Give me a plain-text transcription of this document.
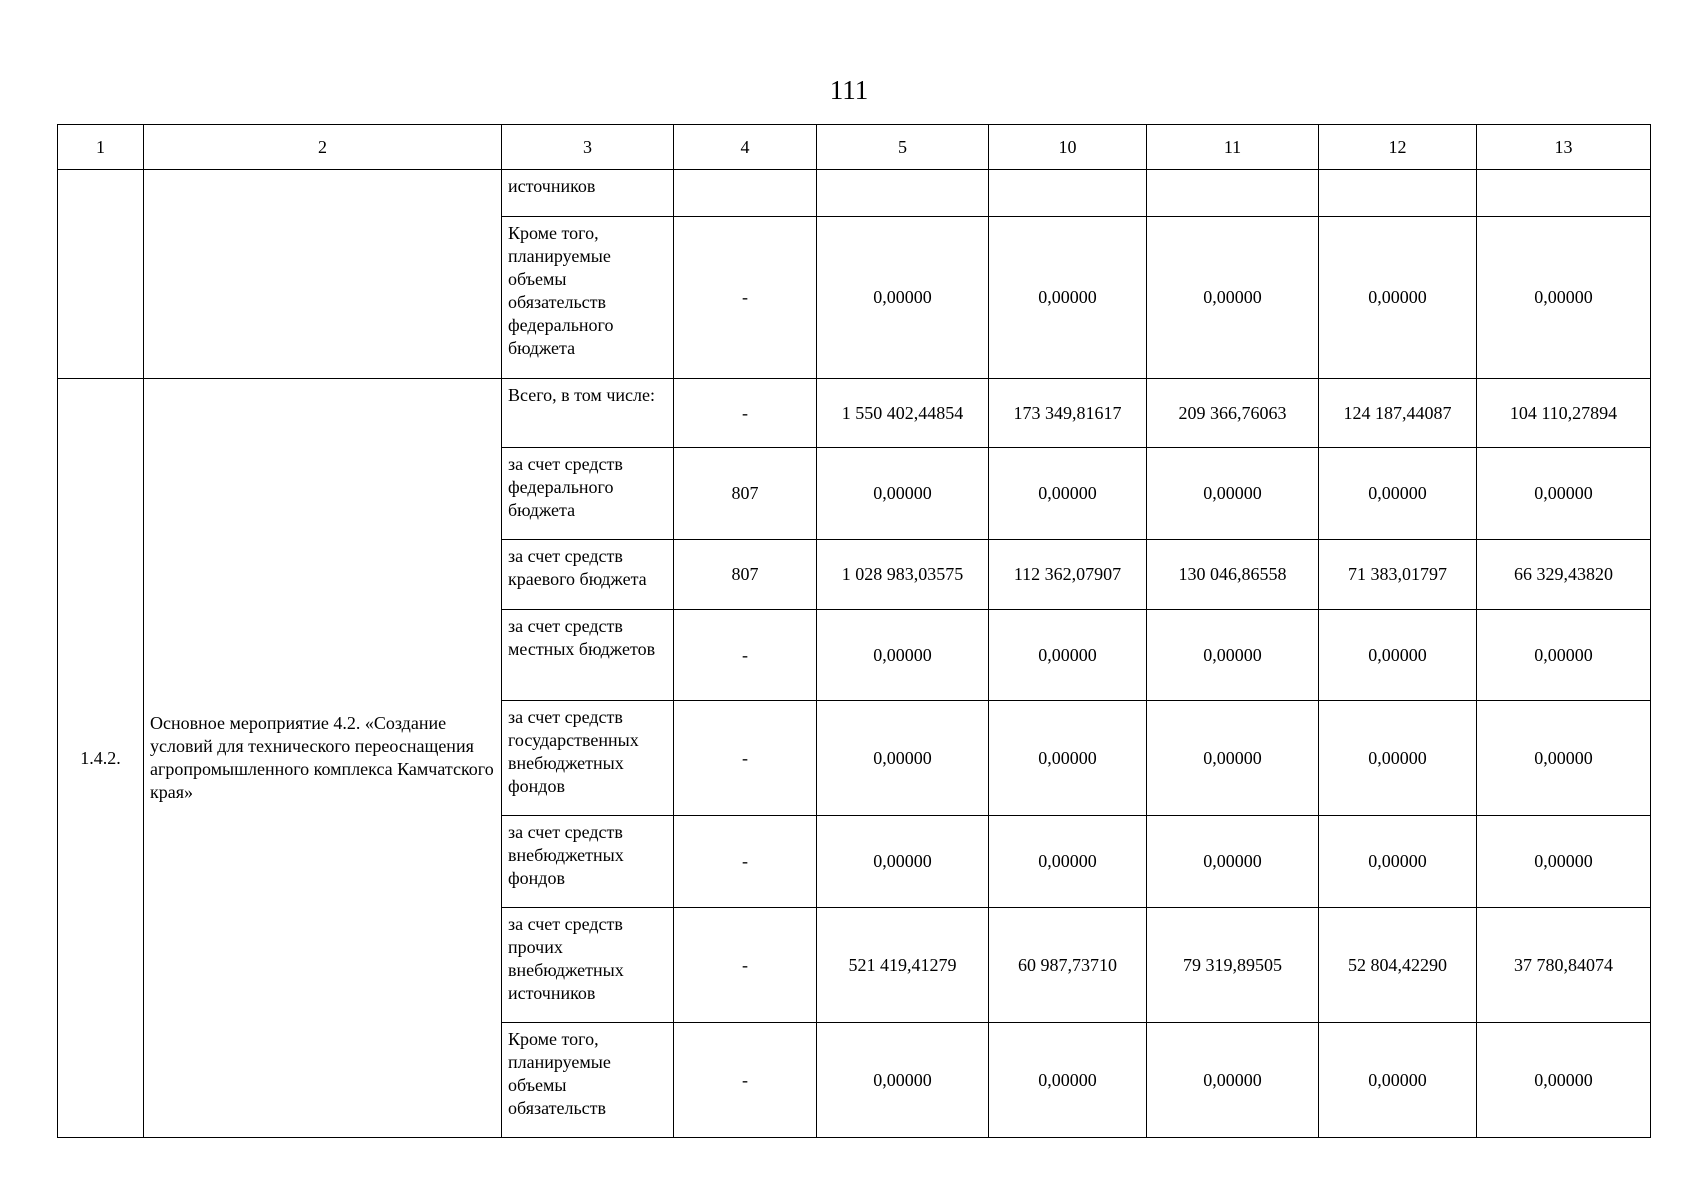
111
1	2	3	4	5	10	11	12	13
		источников						
		Кроме того, планируемые объемы обязательств федерального бюджета	-	0,00000	0,00000	0,00000	0,00000	0,00000
1.4.2.	Основное мероприятие 4.2. «Создание условий для технического переоснащения агропромышленного комплекса Камчатского края»	Всего, в том числе:	-	1 550 402,44854	173 349,81617	209 366,76063	124 187,44087	104 110,27894
		за счет средств федерального бюджета	807	0,00000	0,00000	0,00000	0,00000	0,00000
		за счет средств краевого бюджета	807	1 028 983,03575	112 362,07907	130 046,86558	71 383,01797	66 329,43820
		за счет средств местных бюджетов	-	0,00000	0,00000	0,00000	0,00000	0,00000
		за счет средств государственных внебюджетных фондов	-	0,00000	0,00000	0,00000	0,00000	0,00000
		за счет средств внебюджетных фондов	-	0,00000	0,00000	0,00000	0,00000	0,00000
		за счет средств прочих внебюджетных источников	-	521 419,41279	60 987,73710	79 319,89505	52 804,42290	37 780,84074
		Кроме того, планируемые объемы обязательств	-	0,00000	0,00000	0,00000	0,00000	0,00000
